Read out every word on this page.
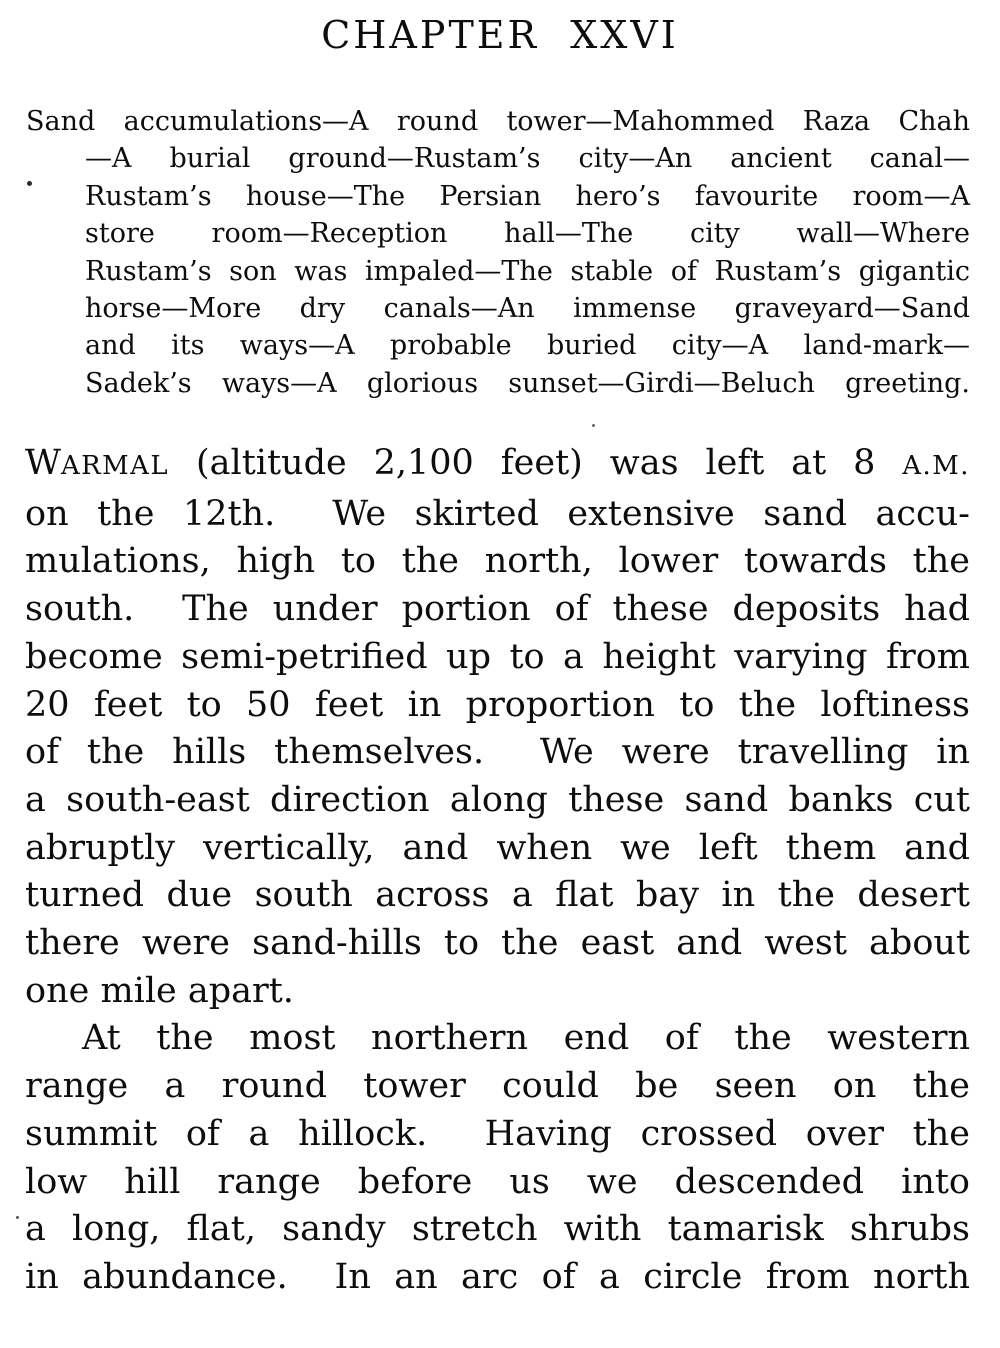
CHAPTER XXVI
Sand accumulations—A round tower—Mahommed Raza Chah
—A burial ground—Rustam’s city—An ancient canal—
Rustam’s house—The Persian hero’s favourite room—A
store room—Reception hall—The city wall—Where
Rustam’s son was impaled—The stable of Rustam’s gigantic
horse—More dry canals—An immense graveyard—Sand
and its ways—A probable buried city—A land-mark—
Sadek’s ways—A glorious sunset—Girdi—Beluch greeting.
WARMAL (altitude 2,100 feet) was left at 8 A.M.
on the 12th.  We skirted extensive sand accu-
mulations, high to the north, lower towards the
south.  The under portion of these deposits had
become semi-petrified up to a height varying from
20 feet to 50 feet in proportion to the loftiness
of the hills themselves.  We were travelling in
a south-east direction along these sand banks cut
abruptly vertically, and when we left them and
turned due south across a flat bay in the desert
there were sand-hills to the east and west about
one mile apart.
At the most northern end of the western
range a round tower could be seen on the
summit of a hillock.  Having crossed over the
low hill range before us we descended into
a long, flat, sandy stretch with tamarisk shrubs
in abundance.  In an arc of a circle from north
